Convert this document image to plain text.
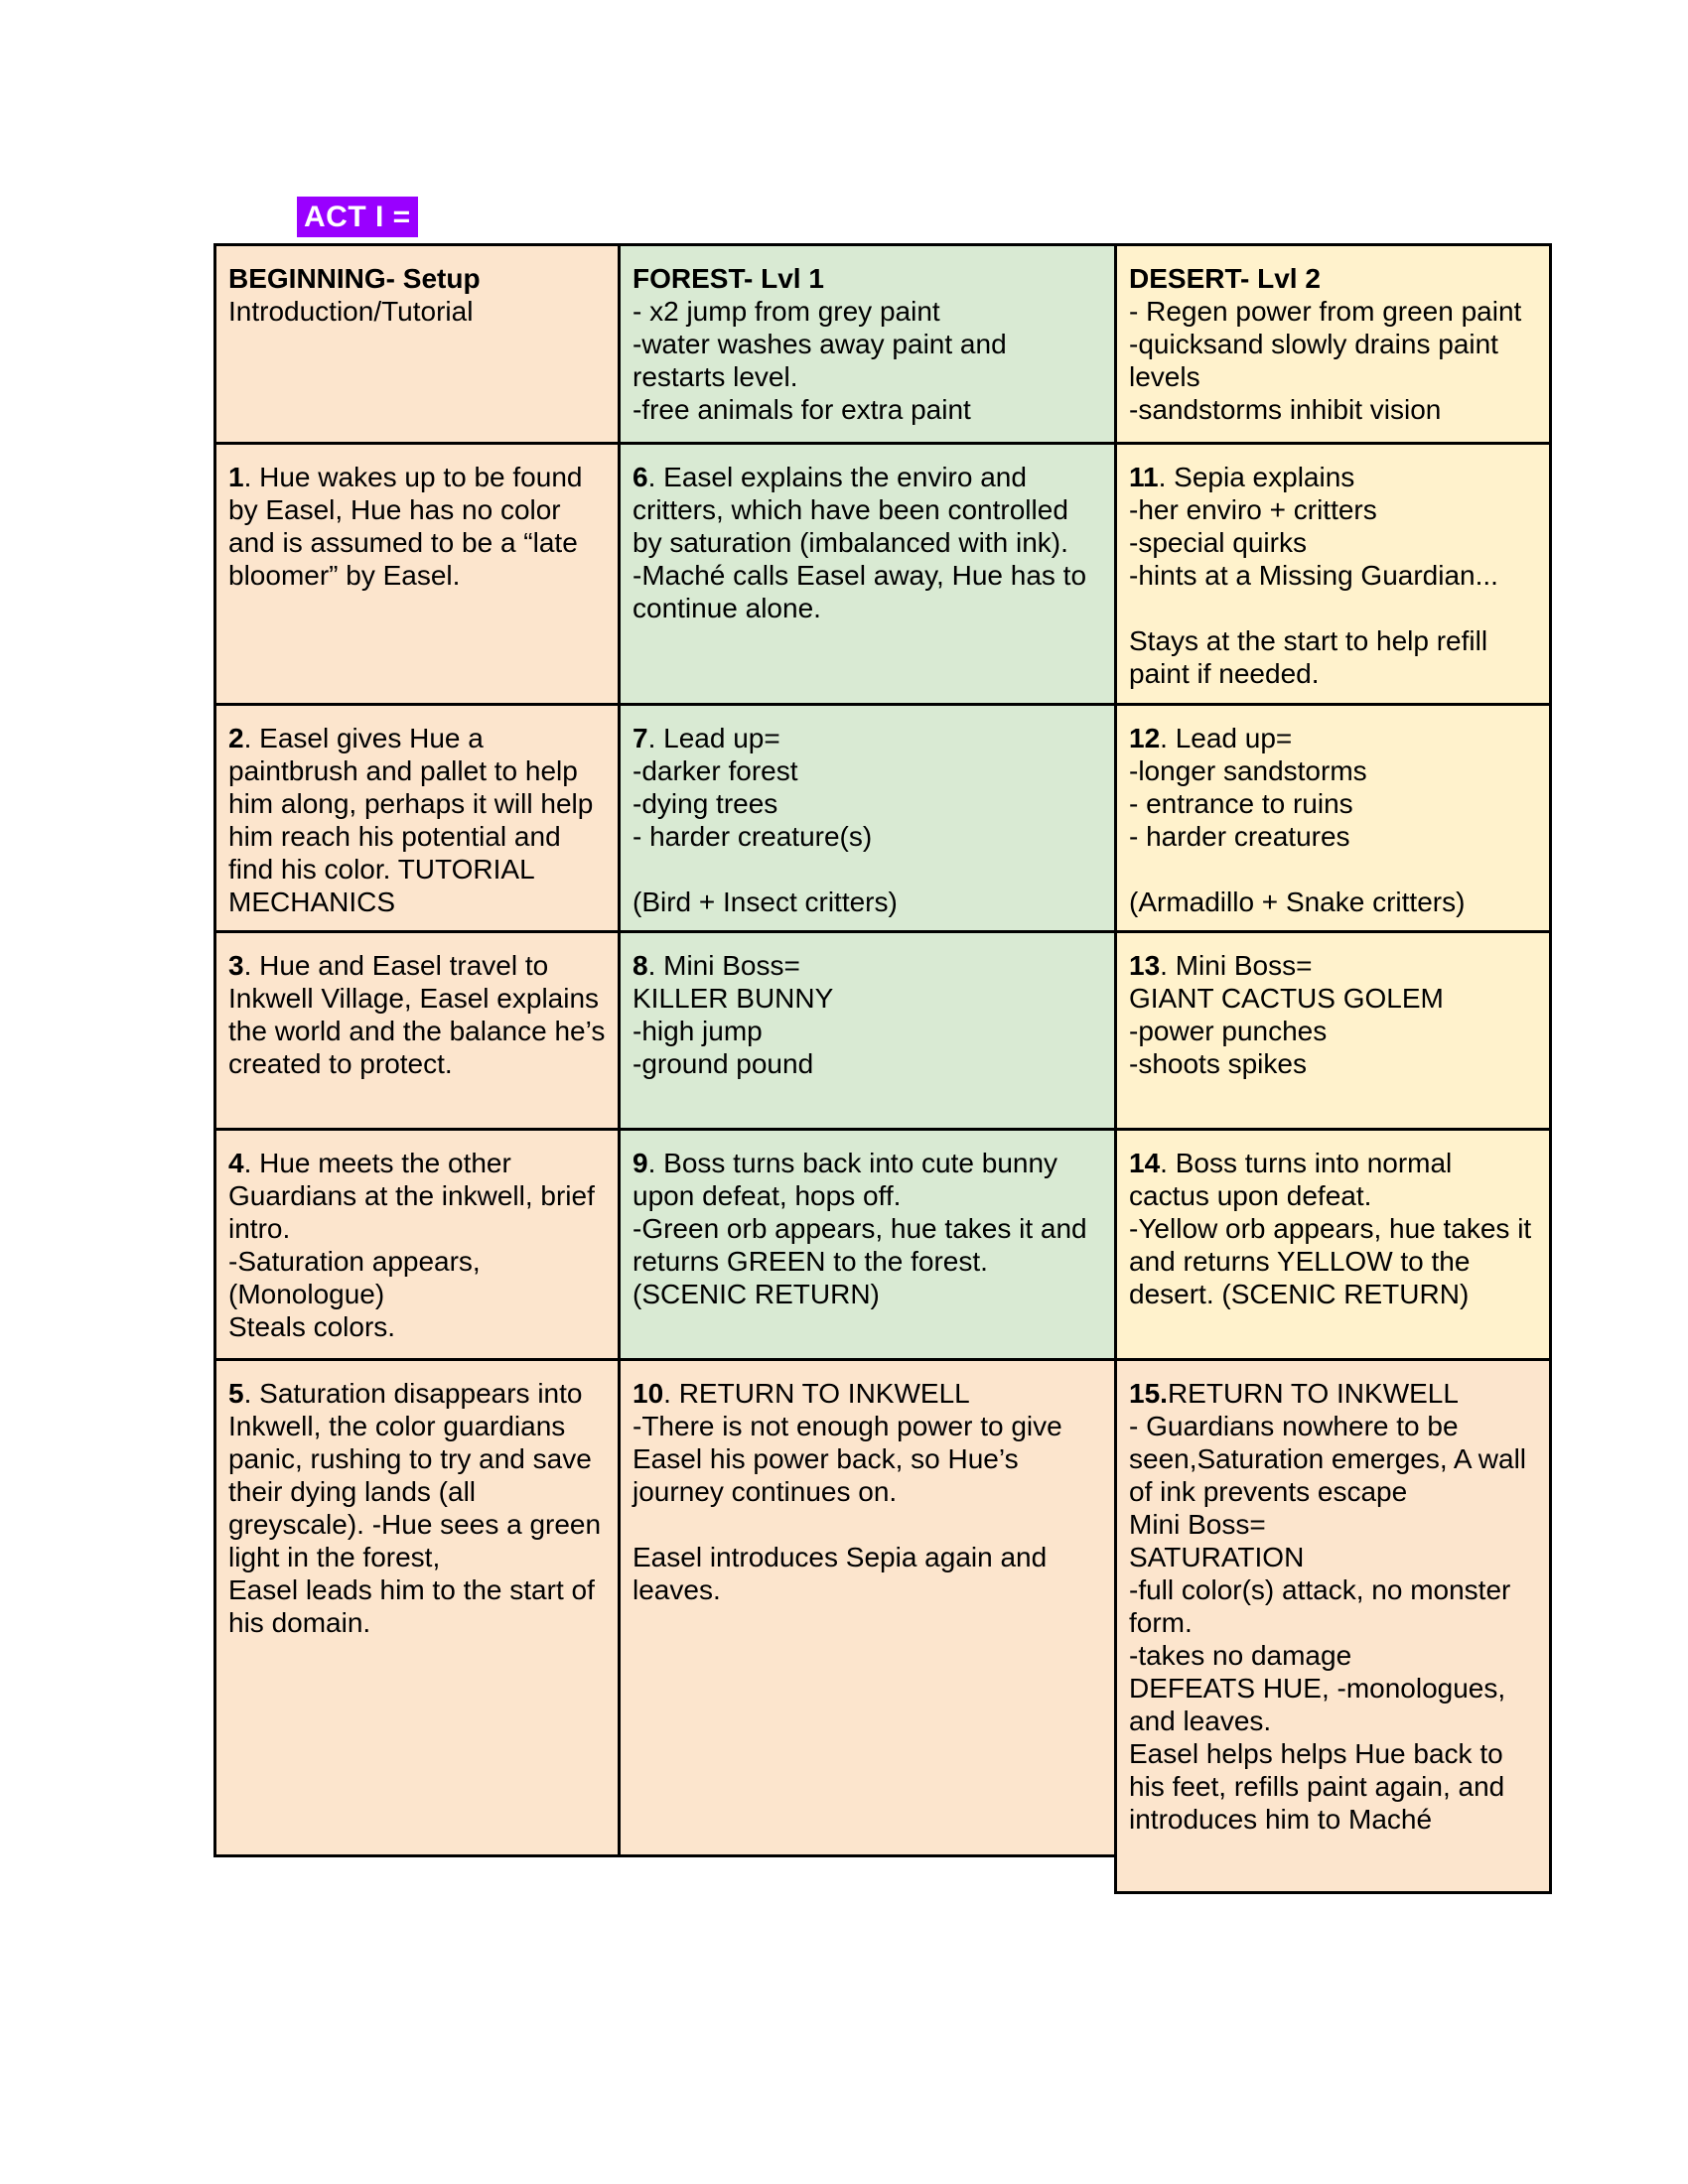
ACT I =
BEGINNING- Setup
Introduction/Tutorial
1. Hue wakes up to be found by Easel, Hue has no color and is assumed to be a “late bloomer” by Easel.
2. Easel gives Hue a paintbrush and pallet to help him along, perhaps it will help him reach his potential and find his color. TUTORIAL MECHANICS
3. Hue and Easel travel to Inkwell Village, Easel explains the world and the balance he’s created to protect.
4. Hue meets the other Guardians at the inkwell, brief intro.
-Saturation appears,
(Monologue)
Steals colors.
5. Saturation disappears into Inkwell, the color guardians panic, rushing to try and save their dying lands (all greyscale). -Hue sees a green light in the forest,
Easel leads him to the start of his domain.
FOREST- Lvl 1
- x2 jump from grey paint
-water washes away paint and restarts level.
-free animals for extra paint
6. Easel explains the enviro and critters, which have been controlled by saturation (imbalanced with ink).
-Maché calls Easel away, Hue has to continue alone.
7. Lead up=
-darker forest
-dying trees
- harder creature(s)
(Bird + Insect critters)
8. Mini Boss=
KILLER BUNNY
-high jump
-ground pound
9. Boss turns back into cute bunny upon defeat, hops off.
-Green orb appears, hue takes it and returns GREEN to the forest.
(SCENIC RETURN)
10. RETURN TO INKWELL
-There is not enough power to give Easel his power back, so Hue’s journey continues on.
Easel introduces Sepia again and leaves.
DESERT- Lvl 2
- Regen power from green paint
-quicksand slowly drains paint levels
-sandstorms inhibit vision
11. Sepia explains
-her enviro + critters
-special quirks
-hints at a Missing Guardian...
Stays at the start to help refill paint if needed.
12. Lead up=
-longer sandstorms
- entrance to ruins
- harder creatures
(Armadillo + Snake critters)
13. Mini Boss=
GIANT CACTUS GOLEM
-power punches
-shoots spikes
14. Boss turns into normal cactus upon defeat.
-Yellow orb appears, hue takes it and returns YELLOW to the desert. (SCENIC RETURN)
15.RETURN TO INKWELL
- Guardians nowhere to be seen,Saturation emerges, A wall of ink prevents escape
Mini Boss=
SATURATION
-full color(s) attack, no monster form.
-takes no damage
DEFEATS HUE, -monologues, and leaves.
Easel helps helps Hue back to his feet, refills paint again, and introduces him to Maché
